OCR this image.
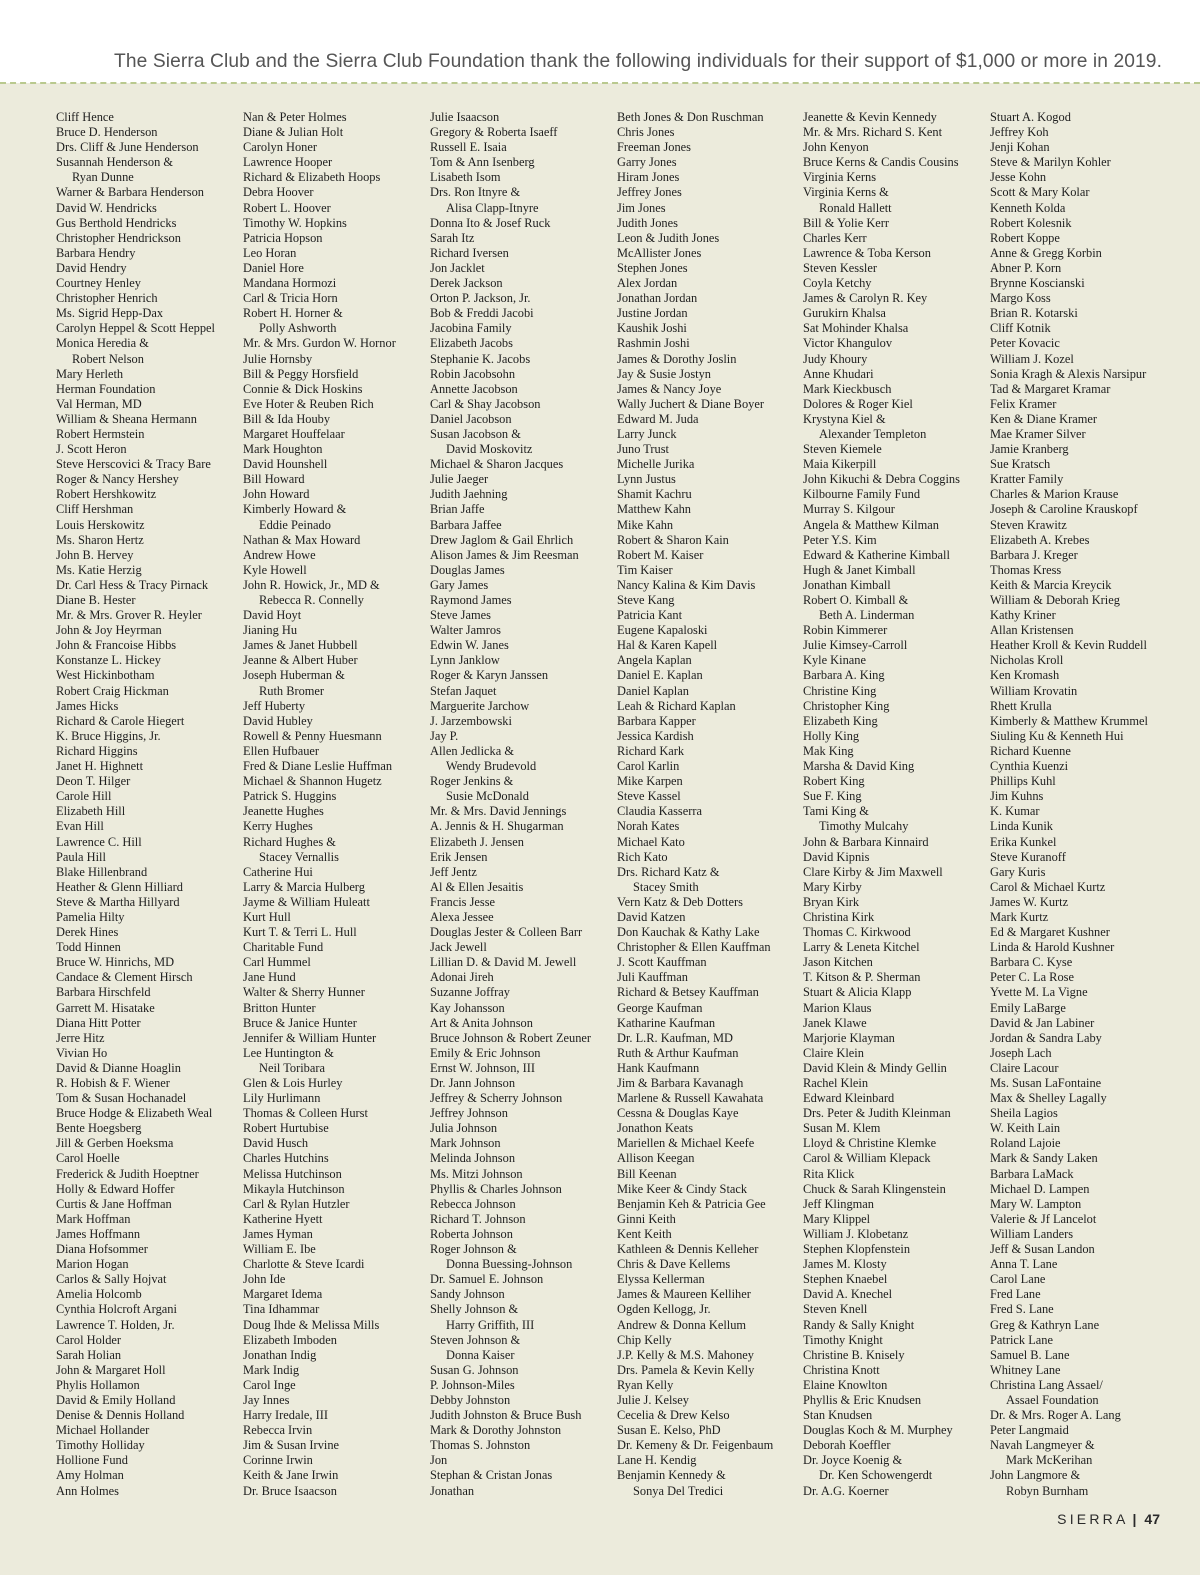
The Sierra Club and the Sierra Club Foundation thank the following individuals for their support of $1,000 or more in 2019.
Cliff Hence
Bruce D. Henderson
Drs. Cliff & June Henderson
Susannah Henderson &
Ryan Dunne
Warner & Barbara Henderson
David W. Hendricks
Gus Berthold Hendricks
Christopher Hendrickson
Barbara Hendry
David Hendry
Courtney Henley
Christopher Henrich
Ms. Sigrid Hepp-Dax
Carolyn Heppel & Scott Heppel
Monica Heredia &
Robert Nelson
Mary Herleth
Herman Foundation
Val Herman, MD
William & Sheana Hermann
Robert Hermstein
J. Scott Heron
Steve Herscovici & Tracy Bare
Roger & Nancy Hershey
Robert Hershkowitz
Cliff Hershman
Louis Herskowitz
Ms. Sharon Hertz
John B. Hervey
Ms. Katie Herzig
Dr. Carl Hess & Tracy Pirnack
Diane B. Hester
Mr. & Mrs. Grover R. Heyler
John & Joy Heyrman
John & Francoise Hibbs
Konstanze L. Hickey
West Hickinbotham
Robert Craig Hickman
James Hicks
Richard & Carole Hiegert
K. Bruce Higgins, Jr.
Richard Higgins
Janet H. Highnett
Deon T. Hilger
Carole Hill
Elizabeth Hill
Evan Hill
Lawrence C. Hill
Paula Hill
Blake Hillenbrand
Heather & Glenn Hilliard
Steve & Martha Hillyard
Pamelia Hilty
Derek Hines
Todd Hinnen
Bruce W. Hinrichs, MD
Candace & Clement Hirsch
Barbara Hirschfeld
Garrett M. Hisatake
Diana Hitt Potter
Jerre Hitz
Vivian Ho
David & Dianne Hoaglin
R. Hobish & F. Wiener
Tom & Susan Hochanadel
Bruce Hodge & Elizabeth Weal
Bente Hoegsberg
Jill & Gerben Hoeksma
Carol Hoelle
Frederick & Judith Hoeptner
Holly & Edward Hoffer
Curtis & Jane Hoffman
Mark Hoffman
James Hoffmann
Diana Hofsommer
Marion Hogan
Carlos & Sally Hojvat
Amelia Holcomb
Cynthia Holcroft Argani
Lawrence T. Holden, Jr.
Carol Holder
Sarah Holian
John & Margaret Holl
Phylis Hollamon
David & Emily Holland
Denise & Dennis Holland
Michael Hollander
Timothy Holliday
Hollione Fund
Amy Holman
Ann Holmes
Nan & Peter Holmes
Diane & Julian Holt
Carolyn Honer
Lawrence Hooper
Richard & Elizabeth Hoops
Debra Hoover
Robert L. Hoover
Timothy W. Hopkins
Patricia Hopson
Leo Horan
Daniel Hore
Mandana Hormozi
Carl & Tricia Horn
Robert H. Horner &
Polly Ashworth
Mr. & Mrs. Gurdon W. Hornor
Julie Hornsby
Bill & Peggy Horsfield
Connie & Dick Hoskins
Eve Hoter & Reuben Rich
Bill & Ida Houby
Margaret Houffelaar
Mark Houghton
David Hounshell
Bill Howard
John Howard
Kimberly Howard &
Eddie Peinado
Nathan & Max Howard
Andrew Howe
Kyle Howell
John R. Howick, Jr., MD &
Rebecca R. Connelly
David Hoyt
Jianing Hu
James & Janet Hubbell
Jeanne & Albert Huber
Joseph Huberman &
Ruth Bromer
Jeff Huberty
David Hubley
Rowell & Penny Huesmann
Ellen Hufbauer
Fred & Diane Leslie Huffman
Michael & Shannon Hugetz
Patrick S. Huggins
Jeanette Hughes
Kerry Hughes
Richard Hughes &
Stacey Vernallis
Catherine Hui
Larry & Marcia Hulberg
Jayme & William Huleatt
Kurt Hull
Kurt T. & Terri L. Hull
Charitable Fund
Carl Hummel
Jane Hund
Walter & Sherry Hunner
Britton Hunter
Bruce & Janice Hunter
Jennifer & William Hunter
Lee Huntington &
Neil Toribara
Glen & Lois Hurley
Lily Hurlimann
Thomas & Colleen Hurst
Robert Hurtubise
David Husch
Charles Hutchins
Melissa Hutchinson
Mikayla Hutchinson
Carl & Rylan Hutzler
Katherine Hyett
James Hyman
William E. Ibe
Charlotte & Steve Icardi
John Ide
Margaret Idema
Tina Idhammar
Doug Ihde & Melissa Mills
Elizabeth Imboden
Jonathan Indig
Mark Indig
Carol Inge
Jay Innes
Harry Iredale, III
Rebecca Irvin
Jim & Susan Irvine
Corinne Irwin
Keith & Jane Irwin
Dr. Bruce Isaacson
Julie Isaacson
Gregory & Roberta Isaeff
Russell E. Isaia
Tom & Ann Isenberg
Lisabeth Isom
Drs. Ron Itnyre &
Alisa Clapp-Itnyre
Donna Ito & Josef Ruck
Sarah Itz
Richard Iversen
Jon Jacklet
Derek Jackson
Orton P. Jackson, Jr.
Bob & Freddi Jacobi
Jacobina Family
Elizabeth Jacobs
Stephanie K. Jacobs
Robin Jacobsohn
Annette Jacobson
Carl & Shay Jacobson
Daniel Jacobson
Susan Jacobson &
David Moskovitz
Michael & Sharon Jacques
Julie Jaeger
Judith Jaehning
Brian Jaffe
Barbara Jaffee
Drew Jaglom & Gail Ehrlich
Alison James & Jim Reesman
Douglas James
Gary James
Raymond James
Steve James
Walter Jamros
Edwin W. Janes
Lynn Janklow
Roger & Karyn Janssen
Stefan Jaquet
Marguerite Jarchow
J. Jarzembowski
Jay P.
Allen Jedlicka &
Wendy Brudevold
Roger Jenkins &
Susie McDonald
Mr. & Mrs. David Jennings
A. Jennis & H. Shugarman
Elizabeth J. Jensen
Erik Jensen
Jeff Jentz
Al & Ellen Jesaitis
Francis Jesse
Alexa Jessee
Douglas Jester & Colleen Barr
Jack Jewell
Lillian D. & David M. Jewell
Adonai Jireh
Suzanne Joffray
Kay Johansson
Art & Anita Johnson
Bruce Johnson & Robert Zeuner
Emily & Eric Johnson
Ernst W. Johnson, III
Dr. Jann Johnson
Jeffrey & Scherry Johnson
Jeffrey Johnson
Julia Johnson
Mark Johnson
Melinda Johnson
Ms. Mitzi Johnson
Phyllis & Charles Johnson
Rebecca Johnson
Richard T. Johnson
Roberta Johnson
Roger Johnson &
Donna Buessing-Johnson
Dr. Samuel E. Johnson
Sandy Johnson
Shelly Johnson &
Harry Griffith, III
Steven Johnson &
Donna Kaiser
Susan G. Johnson
P. Johnson-Miles
Debby Johnston
Judith Johnston & Bruce Bush
Mark & Dorothy Johnston
Thomas S. Johnston
Jon
Stephan & Cristan Jonas
Jonathan
Beth Jones & Don Ruschman
Chris Jones
Freeman Jones
Garry Jones
Hiram Jones
Jeffrey Jones
Jim Jones
Judith Jones
Leon & Judith Jones
McAllister Jones
Stephen Jones
Alex Jordan
Jonathan Jordan
Justine Jordan
Kaushik Joshi
Rashmin Joshi
James & Dorothy Joslin
Jay & Susie Jostyn
James & Nancy Joye
Wally Juchert & Diane Boyer
Edward M. Juda
Larry Junck
Juno Trust
Michelle Jurika
Lynn Justus
Shamit Kachru
Matthew Kahn
Mike Kahn
Robert & Sharon Kain
Robert M. Kaiser
Tim Kaiser
Nancy Kalina & Kim Davis
Steve Kang
Patricia Kant
Eugene Kapaloski
Hal & Karen Kapell
Angela Kaplan
Daniel E. Kaplan
Daniel Kaplan
Leah & Richard Kaplan
Barbara Kapper
Jessica Kardish
Richard Kark
Carol Karlin
Mike Karpen
Steve Kassel
Claudia Kasserra
Norah Kates
Michael Kato
Rich Kato
Drs. Richard Katz &
Stacey Smith
Vern Katz & Deb Dotters
David Katzen
Don Kauchak & Kathy Lake
Christopher & Ellen Kauffman
J. Scott Kauffman
Juli Kauffman
Richard & Betsey Kauffman
George Kaufman
Katharine Kaufman
Dr. L.R. Kaufman, MD
Ruth & Arthur Kaufman
Hank Kaufmann
Jim & Barbara Kavanagh
Marlene & Russell Kawahata
Cessna & Douglas Kaye
Jonathon Keats
Mariellen & Michael Keefe
Allison Keegan
Bill Keenan
Mike Keer & Cindy Stack
Benjamin Keh & Patricia Gee
Ginni Keith
Kent Keith
Kathleen & Dennis Kelleher
Chris & Dave Kellems
Elyssa Kellerman
James & Maureen Kelliher
Ogden Kellogg, Jr.
Andrew & Donna Kellum
Chip Kelly
J.P. Kelly & M.S. Mahoney
Drs. Pamela & Kevin Kelly
Ryan Kelly
Julie J. Kelsey
Cecelia & Drew Kelso
Susan E. Kelso, PhD
Dr. Kemeny & Dr. Feigenbaum
Lane H. Kendig
Benjamin Kennedy &
Sonya Del Tredici
Jeanette & Kevin Kennedy
Mr. & Mrs. Richard S. Kent
John Kenyon
Bruce Kerns & Candis Cousins
Virginia Kerns
Virginia Kerns &
Ronald Hallett
Bill & Yolie Kerr
Charles Kerr
Lawrence & Toba Kerson
Steven Kessler
Coyla Ketchy
James & Carolyn R. Key
Gurukirn Khalsa
Sat Mohinder Khalsa
Victor Khangulov
Judy Khoury
Anne Khudari
Mark Kieckbusch
Dolores & Roger Kiel
Krystyna Kiel &
Alexander Templeton
Steven Kiemele
Maia Kikerpill
John Kikuchi & Debra Coggins
Kilbourne Family Fund
Murray S. Kilgour
Angela & Matthew Kilman
Peter Y.S. Kim
Edward & Katherine Kimball
Hugh & Janet Kimball
Jonathan Kimball
Robert O. Kimball &
Beth A. Linderman
Robin Kimmerer
Julie Kimsey-Carroll
Kyle Kinane
Barbara A. King
Christine King
Christopher King
Elizabeth King
Holly King
Mak King
Marsha & David King
Robert King
Sue F. King
Tami King &
Timothy Mulcahy
John & Barbara Kinnaird
David Kipnis
Clare Kirby & Jim Maxwell
Mary Kirby
Bryan Kirk
Christina Kirk
Thomas C. Kirkwood
Larry & Leneta Kitchel
Jason Kitchen
T. Kitson & P. Sherman
Stuart & Alicia Klapp
Marion Klaus
Janek Klawe
Marjorie Klayman
Claire Klein
David Klein & Mindy Gellin
Rachel Klein
Edward Kleinbard
Drs. Peter & Judith Kleinman
Susan M. Klem
Lloyd & Christine Klemke
Carol & William Klepack
Rita Klick
Chuck & Sarah Klingenstein
Jeff Klingman
Mary Klippel
William J. Klobetanz
Stephen Klopfenstein
James M. Klosty
Stephen Knaebel
David A. Knechel
Steven Knell
Randy & Sally Knight
Timothy Knight
Christine B. Knisely
Christina Knott
Elaine Knowlton
Phyllis & Eric Knudsen
Stan Knudsen
Douglas Koch & M. Murphey
Deborah Koeffler
Dr. Joyce Koenig &
Dr. Ken Schowengerdt
Dr. A.G. Koerner
Stuart A. Kogod
Jeffrey Koh
Jenji Kohan
Steve & Marilyn Kohler
Jesse Kohn
Scott & Mary Kolar
Kenneth Kolda
Robert Kolesnik
Robert Koppe
Anne & Gregg Korbin
Abner P. Korn
Brynne Koscianski
Margo Koss
Brian R. Kotarski
Cliff Kotnik
Peter Kovacic
William J. Kozel
Sonia Kragh & Alexis Narsipur
Tad & Margaret Kramar
Felix Kramer
Ken & Diane Kramer
Mae Kramer Silver
Jamie Kranberg
Sue Kratsch
Kratter Family
Charles & Marion Krause
Joseph & Caroline Krauskopf
Steven Krawitz
Elizabeth A. Krebes
Barbara J. Kreger
Thomas Kress
Keith & Marcia Kreycik
William & Deborah Krieg
Kathy Kriner
Allan Kristensen
Heather Kroll & Kevin Ruddell
Nicholas Kroll
Ken Kromash
William Krovatin
Rhett Krulla
Kimberly & Matthew Krummel
Siuling Ku & Kenneth Hui
Richard Kuenne
Cynthia Kuenzi
Phillips Kuhl
Jim Kuhns
K. Kumar
Linda Kunik
Erika Kunkel
Steve Kuranoff
Gary Kuris
Carol & Michael Kurtz
James W. Kurtz
Mark Kurtz
Ed & Margaret Kushner
Linda & Harold Kushner
Barbara C. Kyse
Peter C. La Rose
Yvette M. La Vigne
Emily LaBarge
David & Jan Labiner
Jordan & Sandra Laby
Joseph Lach
Claire Lacour
Ms. Susan LaFontaine
Max & Shelley Lagally
Sheila Lagios
W. Keith Lain
Roland Lajoie
Mark & Sandy Laken
Barbara LaMack
Michael D. Lampen
Mary W. Lampton
Valerie & Jf Lancelot
William Landers
Jeff & Susan Landon
Anna T. Lane
Carol Lane
Fred Lane
Fred S. Lane
Greg & Kathryn Lane
Patrick Lane
Samuel B. Lane
Whitney Lane
Christina Lang Assael/
Assael Foundation
Dr. & Mrs. Roger A. Lang
Peter Langmaid
Navah Langmeyer &
Mark McKerihan
John Langmore &
Robyn Burnham
SIERRA | 47
